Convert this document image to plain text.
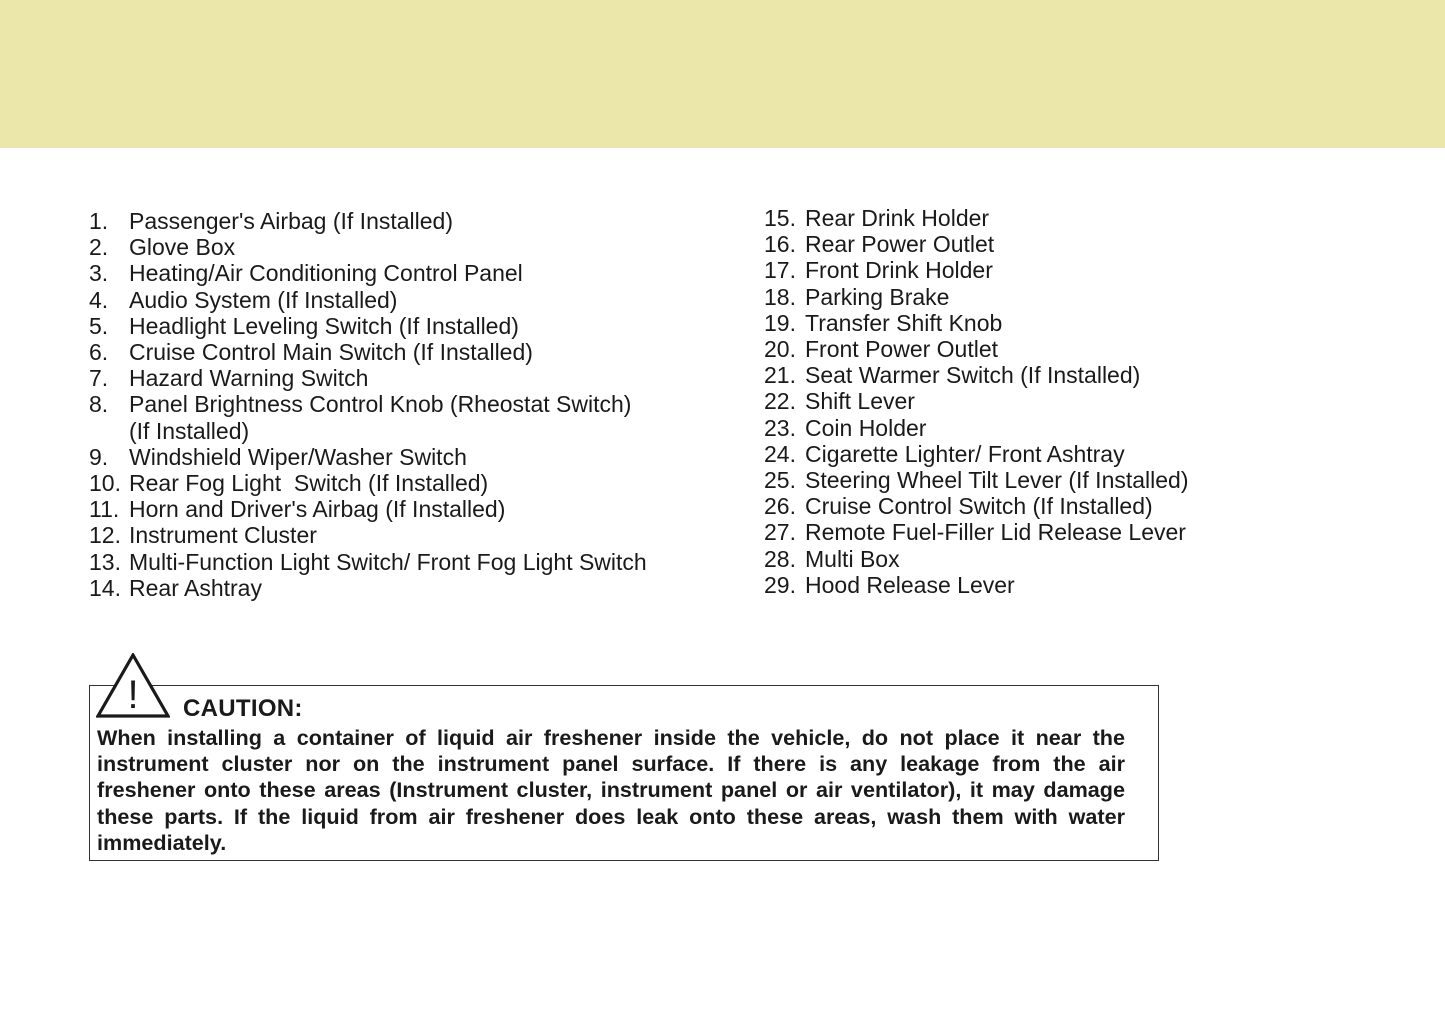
1. Passenger's Airbag (If Installed)
2. Glove Box
3. Heating/Air Conditioning Control Panel
4. Audio System (If Installed)
5. Headlight Leveling Switch (If Installed)
6. Cruise Control Main Switch (If Installed)
7. Hazard Warning Switch
8. Panel Brightness Control Knob (Rheostat Switch)
(If Installed)
9. Windshield Wiper/Washer Switch
10. Rear Fog Light  Switch (If Installed)
11. Horn and Driver's Airbag (If Installed)
12. Instrument Cluster
13. Multi-Function Light Switch/ Front Fog Light Switch
14. Rear Ashtray
15. Rear Drink Holder
16. Rear Power Outlet
17. Front Drink Holder
18. Parking Brake
19. Transfer Shift Knob
20. Front Power Outlet
21. Seat Warmer Switch (If Installed)
22. Shift Lever
23. Coin Holder
24. Cigarette Lighter/ Front Ashtray
25. Steering Wheel Tilt Lever (If Installed)
26. Cruise Control Switch (If Installed)
27. Remote Fuel-Filler Lid Release Lever
28. Multi Box
29. Hood Release Lever
! CAUTION:

When installing a container of liquid air freshener inside the vehicle, do not place it near the instrument cluster nor on the instrument panel surface. If there is any leakage from the air freshener onto these areas (Instrument cluster, instrument panel or air ventilator), it may damage these parts. If the liquid from air freshener does leak onto these areas, wash them with water immediately.
